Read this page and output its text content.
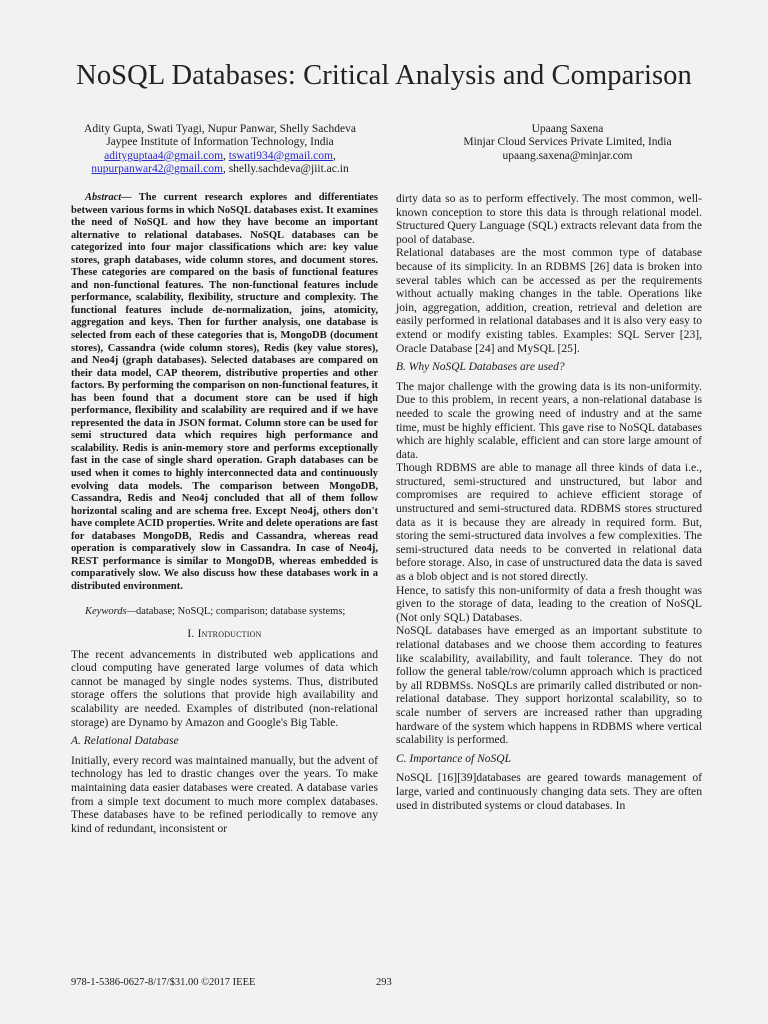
NoSQL Databases: Critical Analysis and Comparison
Adity Gupta, Swati Tyagi, Nupur Panwar, Shelly Sachdeva
Jaypee Institute of Information Technology, India
adityguptaa4@gmail.com, tswati934@gmail.com,
nupurpanwar42@gmail.com, shelly.sachdeva@jiit.ac.in
Upaang Saxena
Minjar Cloud Services Private Limited, India
upaang.saxena@minjar.com

Abstract— The current research explores and differentiates between various forms in which NoSQL databases exist. It examines the need of NoSQL and how they have become an important alternative to relational databases. NoSQL databases can be categorized into four major classifications which are: key value stores, graph databases, wide column stores, and document stores. These categories are compared on the basis of functional features and non-functional features. The non-functional features include performance, scalability, flexibility, structure and complexity. The functional features include de-normalization, joins, atomicity, aggregation and keys. Then for further analysis, one database is selected from each of these categories that is, MongoDB (document stores), Cassandra (wide column stores), Redis (key value stores), and Neo4j (graph databases). Selected databases are compared on their data model, CAP theorem, distributive properties and other factors. By performing the comparison on non-functional features, it has been found that a document store can be used if high performance, flexibility and scalability are required and if we have represented the data in JSON format. Column store can be used for semi structured data which requires high performance and scalability. Redis is anin-memory store and performs exceptionally fast in the case of single shard operation. Graph databases can be used when it comes to highly interconnected data and continuously evolving data models. The comparison between MongoDB, Cassandra, Redis and Neo4j concluded that all of them follow horizontal scaling and are schema free. Except Neo4j, others don't have complete ACID properties. Write and delete operations are fast for databases MongoDB, Redis and Cassandra, whereas read operation is comparatively slow in Cassandra. In case of Neo4j, REST performance is similar to MongoDB, whereas embedded is comparatively slow. We also discuss how these databases work in a distributed environment.

Keywords—database; NoSQL; comparison; database systems;

I. Introduction

The recent advancements in distributed web applications and cloud computing have generated large volumes of data which cannot be managed by single nodes systems. Thus, distributed storage offers the solutions that provide high availability and scalability are needed. Examples of distributed (non-relational storage) are Dynamo by Amazon and Google's Big Table.

A. Relational Database

Initially, every record was maintained manually, but the advent of technology has led to drastic changes over the years. To make maintaining data easier databases were created. A database varies from a simple text document to much more complex databases. These databases have to be refined periodically to remove any kind of redundant, inconsistent or

dirty data so as to perform effectively. The most common, well-known conception to store this data is through relational model. Structured Query Language (SQL) extracts relevant data from the pool of database.

Relational databases are the most common type of database because of its simplicity. In an RDBMS [26] data is broken into several tables which can be accessed as per the requirements without actually making changes in the table. Operations like join, aggregation, addition, creation, retrieval and deletion are easily performed in relational databases and it is also very easy to extend or modify existing tables. Examples: SQL Server [23], Oracle Database [24] and MySQL [25].

B. Why NoSQL Databases are used?

The major challenge with the growing data is its non-uniformity. Due to this problem, in recent years, a non-relational database is needed to scale the growing need of industry and at the same time, must be highly efficient. This gave rise to NoSQL databases which are highly scalable, efficient and can store large amount of data.

Though RDBMS are able to manage all three kinds of data i.e., structured, semi-structured and unstructured, but labor and compromises are required to achieve efficient storage of unstructured and semi-structured data. RDBMS stores structured data as it is because they are already in required form. But, storing the semi-structured data involves a few complexities. The semi-structured data needs to be converted in relational data before storage. Also, in case of unstructured data the data is saved as a blob object and is not stored directly.

Hence, to satisfy this non-uniformity of data a fresh thought was given to the storage of data, leading to the creation of NoSQL (Not only SQL) Databases.

NoSQL databases have emerged as an important substitute to relational databases and we choose them according to features like scalability, availability, and fault tolerance. They do not follow the general table/row/column approach which is practiced by all RDBMSs. NoSQLs are primarily called distributed or non-relational database. They support horizontal scalability, so to scale number of servers are increased rather than upgrading hardware of the system which happens in RDBMS where vertical scalability is performed.

C. Importance of NoSQL

NoSQL [16][39]databases are geared towards management of large, varied and continuously changing data sets. They are often used in distributed systems or cloud databases. In

978-1-5386-0627-8/17/$31.00 ©2017 IEEE	293
